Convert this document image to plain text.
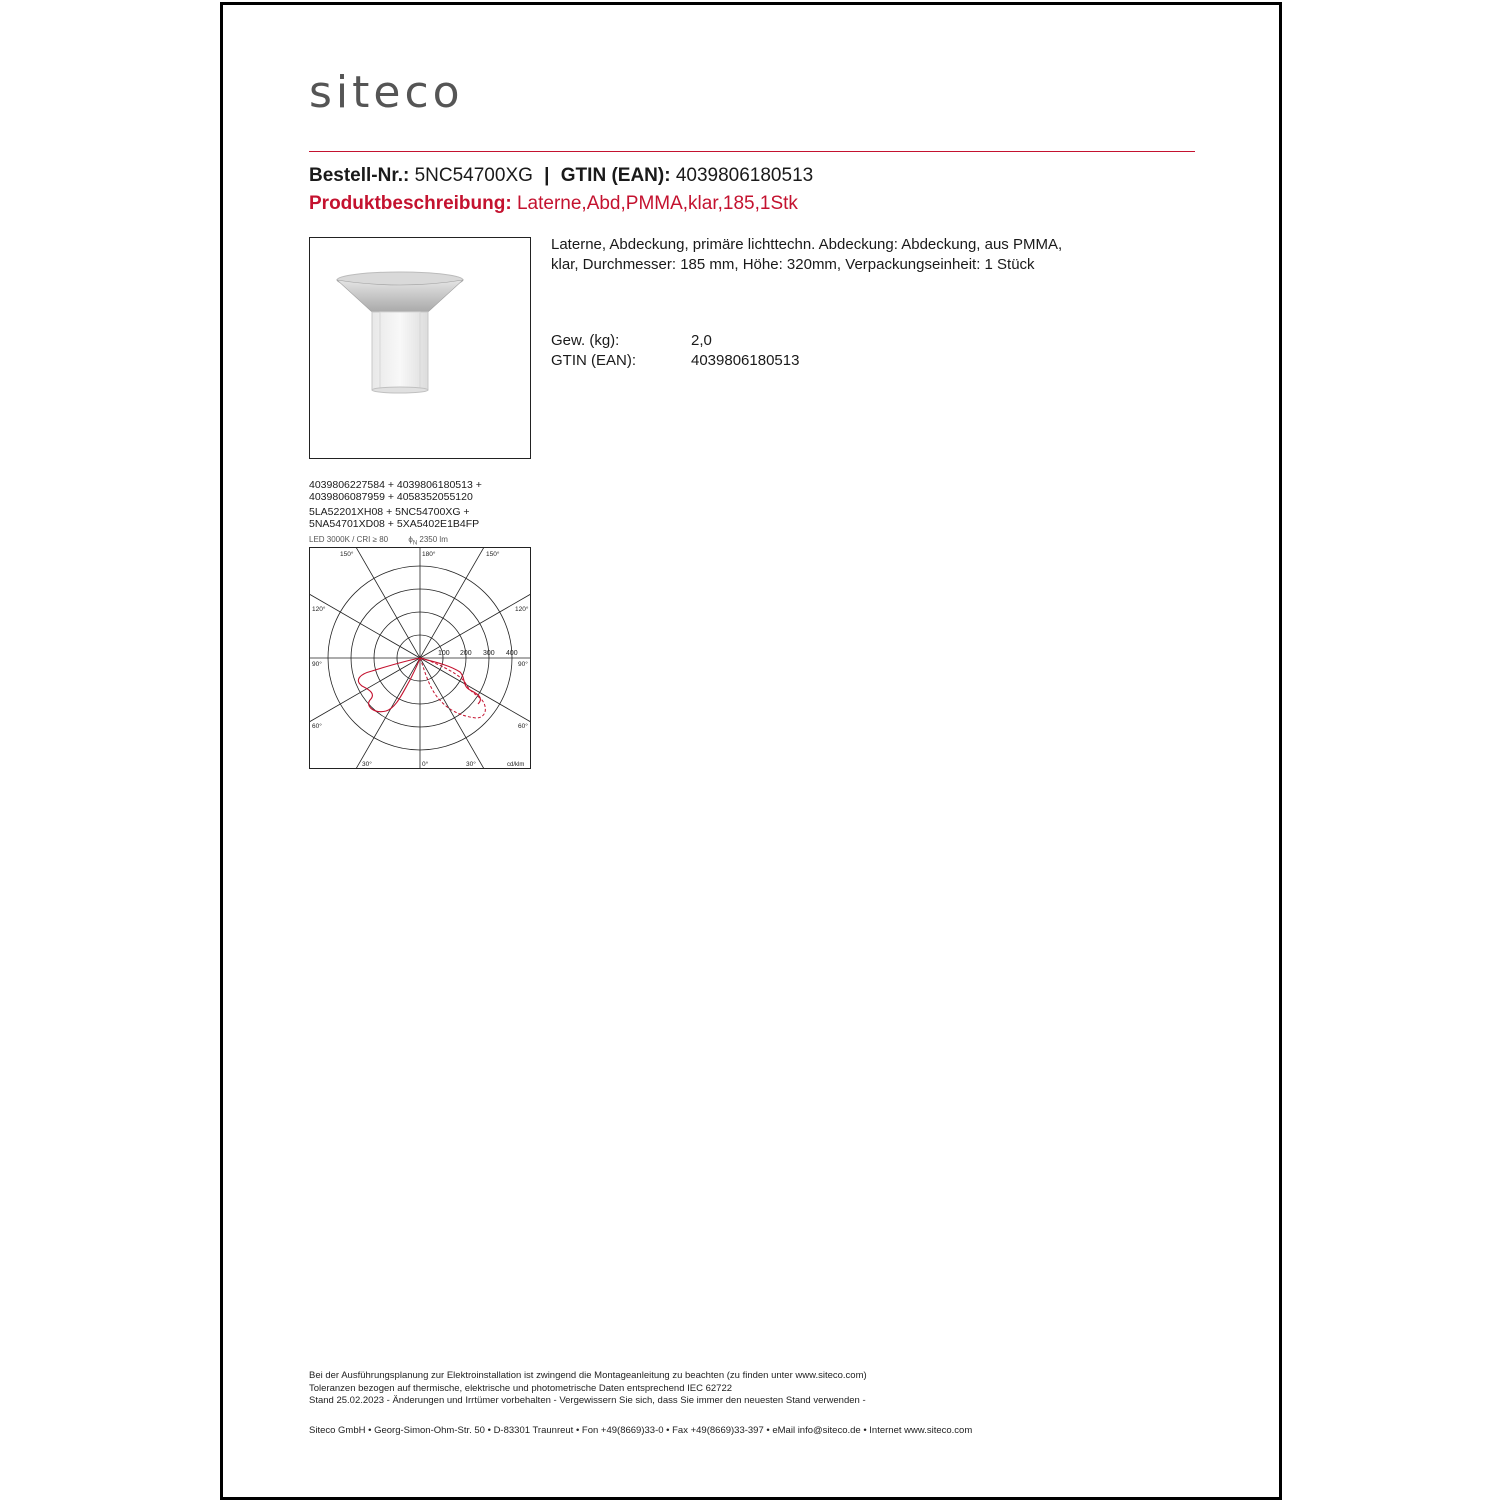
siteco
Bestell-Nr.: 5NC54700XG | GTIN (EAN): 4039806180513
Produktbeschreibung: Laterne,Abd,PMMA,klar,185,1Stk
Laterne, Abdeckung, primäre lichttechn. Abdeckung: Abdeckung, aus PMMA,
klar, Durchmesser: 185 mm, Höhe: 320mm, Verpackungseinheit: 1 Stück
Gew. (kg):	2,0
GTIN (EAN):	4039806180513
4039806227584 + 4039806180513 +
4039806087959 + 4058352055120
5LA52201XH08 + 5NC54700XG +
5NA54701XD08 + 5XA5402E1B4FP
LED 3000K / CRI ≥ 80	$\phi_N$ 2350 lm
100 200 300 400
150°	180°	150°
120°	120°
90°	90°
60°	60°
30°	0°	30°	cd/klm
Bei der Ausführungsplanung zur Elektroinstallation ist zwingend die Montageanleitung zu beachten (zu finden unter www.siteco.com)
Toleranzen bezogen auf thermische, elektrische und photometrische Daten entsprechend IEC 62722
Stand 25.02.2023 - Änderungen und Irrtümer vorbehalten - Vergewissern Sie sich, dass Sie immer den neuesten Stand verwenden -
Siteco GmbH • Georg-Simon-Ohm-Str. 50 • D-83301 Traunreut • Fon +49(8669)33-0 • Fax +49(8669)33-397 • eMail info@siteco.de • Internet www.siteco.com
